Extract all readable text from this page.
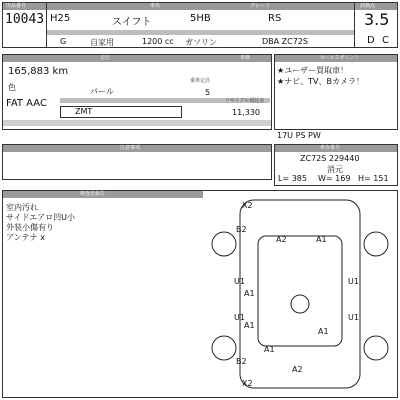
出品番号	車名	グレード	評価点
10043 H25	スイフト	5HB	RS	3.5
G	自家用	1200 cc ガソリン	DBA ZC72S	D C
走行	車検
165,883 km
色	パール
乗車定員
5
FAT AAC	リサイクル預託金
ZMT	11,330
セールスポイント
★ユーザー買取車！
★ナビ、TV、Bカメラ！
17U PS PW
注意事項	車台番号
ZC72S 229440
消元
L= 385 W= 169 H= 151
検査員報告
室内汚れ
サイドエアロ凹U小
外装小傷有り
アンテナ x
X2
A2	A1
B2
U1	U1
A1
U1
A1
U1
A1
A1
B2
A2
X2
